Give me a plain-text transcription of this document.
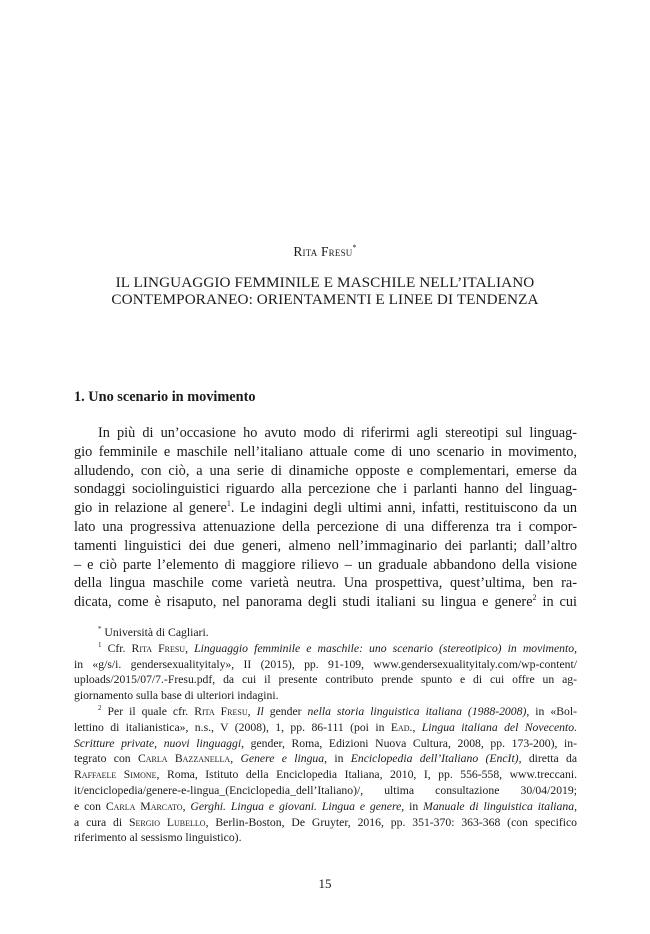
Rita Fresu*
IL LINGUAGGIO FEMMINILE E MASCHILE NELL’ITALIANO
CONTEMPORANEO: ORIENTAMENTI E LINEE DI TENDENZA
1. Uno scenario in movimento
In più di un’occasione ho avuto modo di riferirmi agli stereotipi sul linguag-
gio femminile e maschile nell’italiano attuale come di uno scenario in movimento,
alludendo, con ciò, a una serie di dinamiche opposte e complementari, emerse da
sondaggi sociolinguistici riguardo alla percezione che i parlanti hanno del linguag-
gio in relazione al genere$^1$. Le indagini degli ultimi anni, infatti, restituiscono da un
lato una progressiva attenuazione della percezione di una differenza tra i compor-
tamenti linguistici dei due generi, almeno nell’immaginario dei parlanti; dall’altro
– e ciò parte l’elemento di maggiore rilievo – un graduale abbandono della visione
della lingua maschile come varietà neutra. Una prospettiva, quest’ultima, ben ra-
dicata, come è risaputo, nel panorama degli studi italiani su lingua e genere$^2$ in cui
* Università di Cagliari.
$^1$ Cfr. Rita Fresu, Linguaggio femminile e maschile: uno scenario (stereotipico) in movimento,
in «g/s/i. gendersexualityitaly», II (2015), pp. 91-109, www.gendersexualityitaly.com/wp-content/
uploads/2015/07/7.-Fresu.pdf, da cui il presente contributo prende spunto e di cui offre un ag-
giornamento sulla base di ulteriori indagini.
$^2$ Per il quale cfr. Rita Fresu, Il gender nella storia linguistica italiana (1988-2008), in «Bol-
lettino di italianistica», n.s., V (2008), 1, pp. 86-111 (poi in Ead., Lingua italiana del Novecento.
Scritture private, nuovi linguaggi, gender, Roma, Edizioni Nuova Cultura, 2008, pp. 173-200), in-
tegrato con Carla Bazzanella, Genere e lingua, in Enciclopedia dell’Italiano (EncIt), diretta da
Raffaele Simone, Roma, Istituto della Enciclopedia Italiana, 2010, I, pp. 556-558, www.treccani.
it/enciclopedia/genere-e-lingua_(Enciclopedia_dell’Italiano)/, ultima consultazione 30/04/2019;
e con Carla Marcato, Gerghi. Lingua e giovani. Lingua e genere, in Manuale di linguistica italiana,
a cura di Sergio Lubello, Berlin-Boston, De Gruyter, 2016, pp. 351-370: 363-368 (con specifico
riferimento al sessismo linguistico).
15
